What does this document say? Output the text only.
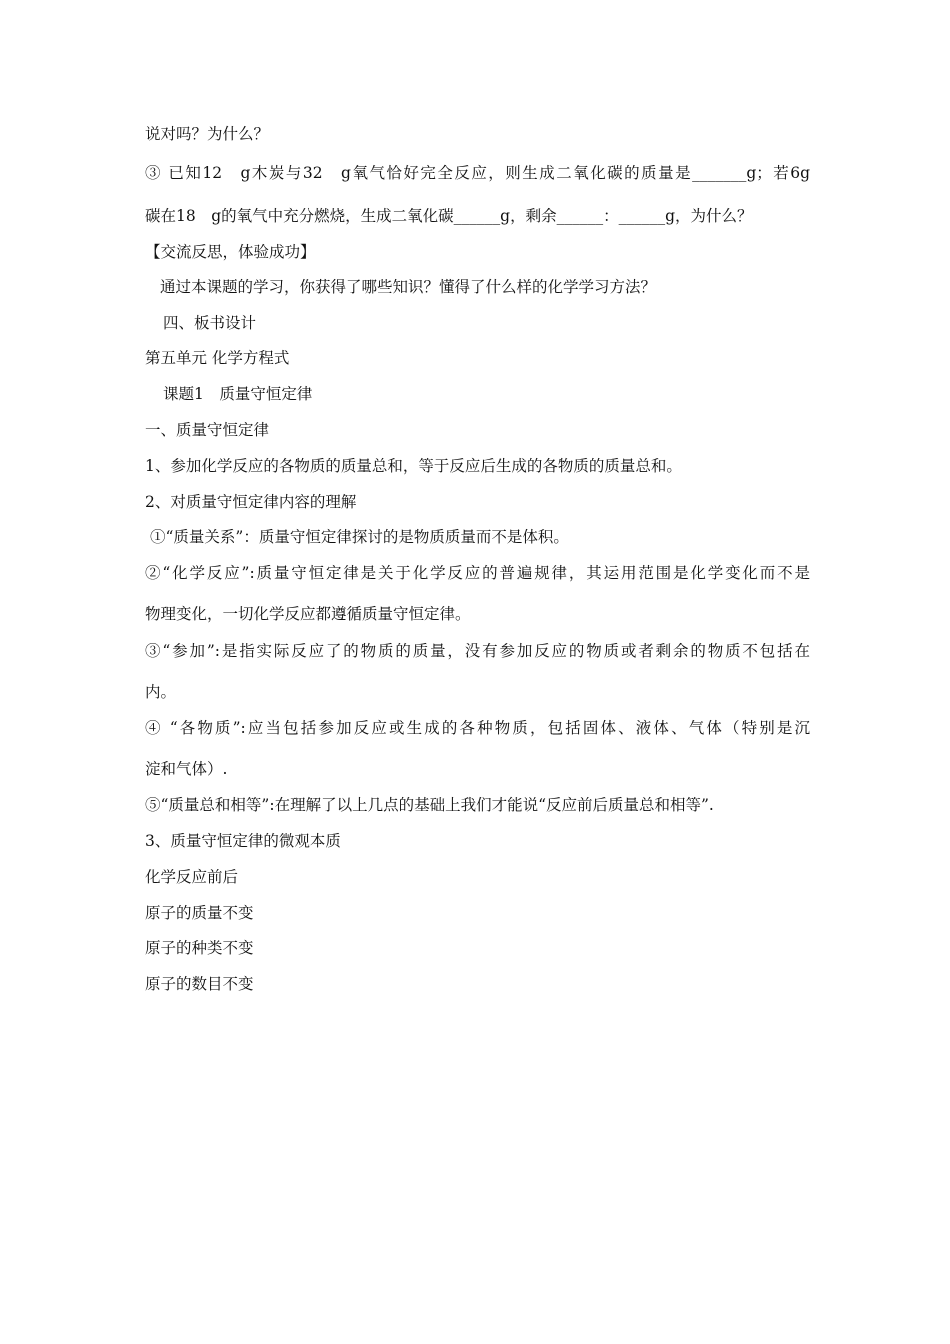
说对吗？为什么？
③ 已知12　g木炭与32　g氧气恰好完全反应，则生成二氧化碳的质量是_______g；若6g
碳在18　g的氧气中充分燃烧，生成二氧化碳______g，剩余______：______g，为什么？
【交流反思，体验成功】
通过本课题的学习，你获得了哪些知识？懂得了什么样的化学学习方法？
四、板书设计
第五单元 化学方程式
课题1　质量守恒定律
一、质量守恒定律
1、参加化学反应的各物质的质量总和，等于反应后生成的各物质的质量总和。
2、对质量守恒定律内容的理解
①“质量关系”：质量守恒定律探讨的是物质质量而不是体积。
②“化学反应”:质量守恒定律是关于化学反应的普遍规律，其运用范围是化学变化而不是
物理变化，一切化学反应都遵循质量守恒定律。
③“参加”:是指实际反应了的物质的质量，没有参加反应的物质或者剩余的物质不包括在
内。
④ “各物质”:应当包括参加反应或生成的各种物质，包括固体、液体、气体（特别是沉
淀和气体）.
⑤“质量总和相等”:在理解了以上几点的基础上我们才能说“反应前后质量总和相等”.
3、质量守恒定律的微观本质
化学反应前后
原子的质量不变
原子的种类不变
原子的数目不变
